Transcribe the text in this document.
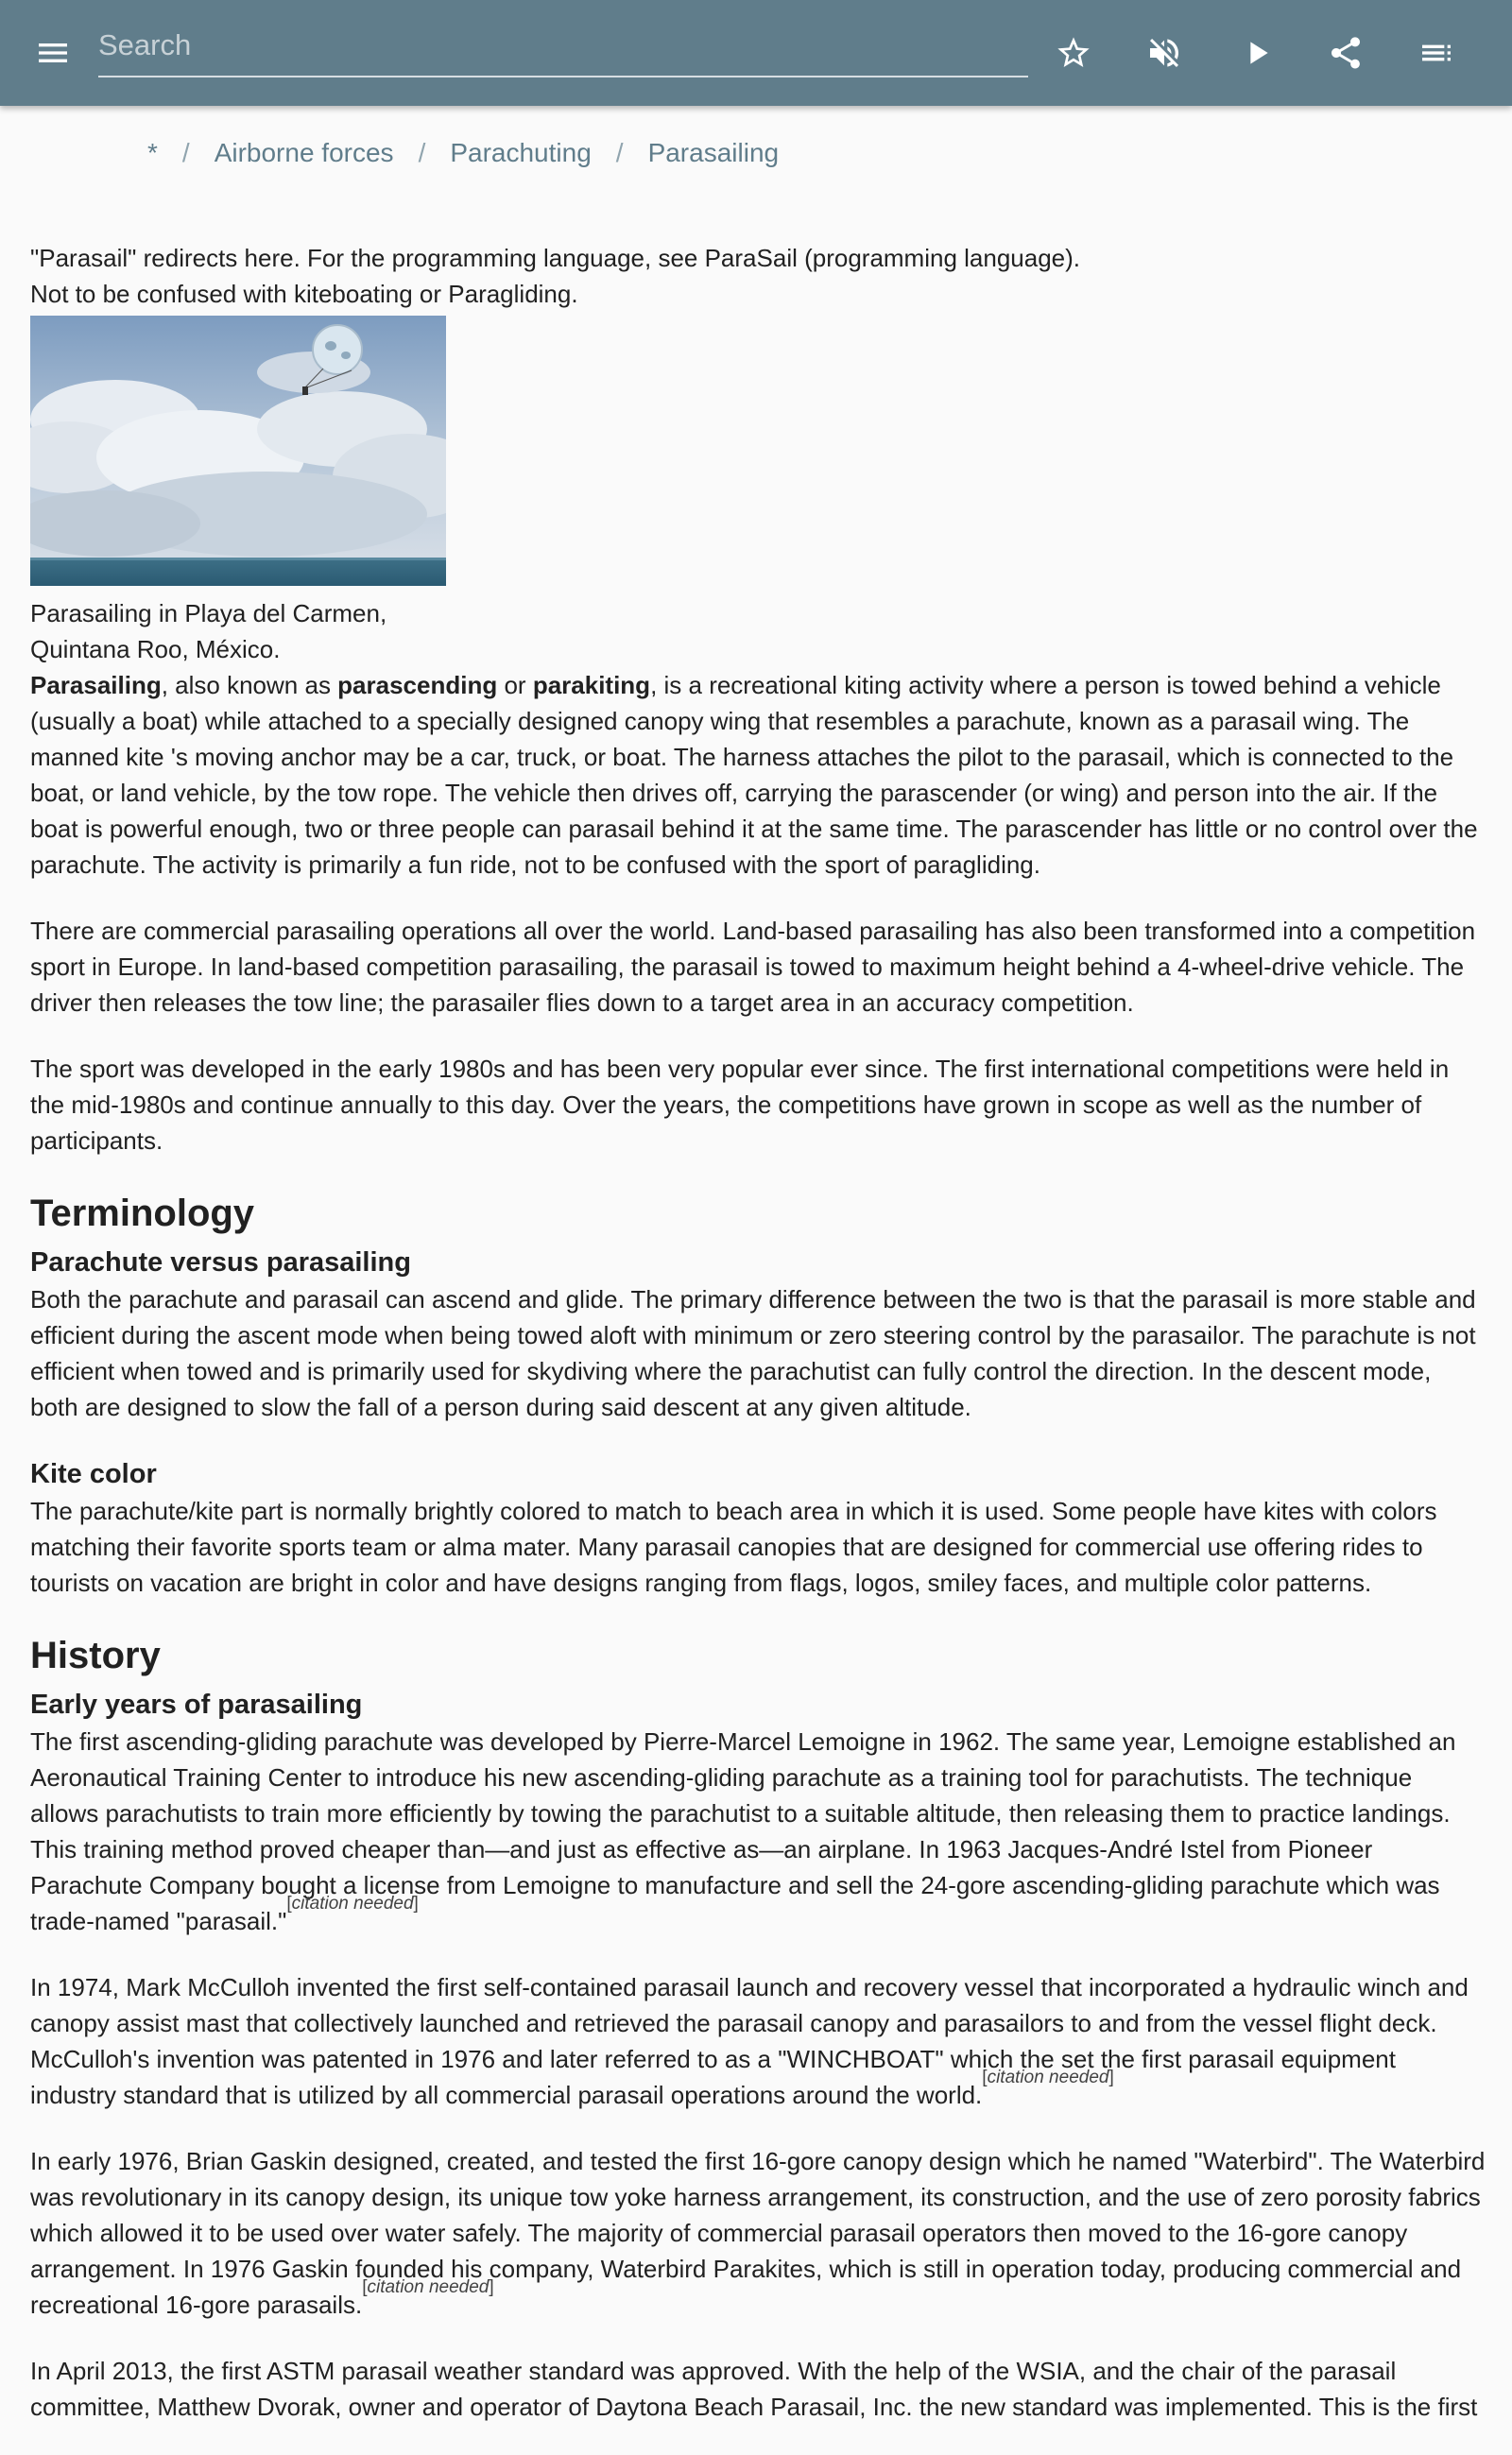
Search
* / Airborne forces / Parachuting / Parasailing

"Parasail" redirects here. For the programming language, see ParaSail (programming language).

Not to be confused with kiteboating or Paragliding.

Parasailing in Playa del Carmen,

Quintana Roo, México.

Parasailing, also known as parascending or parakiting, is a recreational kiting activity where a person is towed behind a vehicle (usually a boat) while attached to a specially designed canopy wing that resembles a parachute, known as a parasail wing. The manned kite 's moving anchor may be a car, truck, or boat. The harness attaches the pilot to the parasail, which is connected to the boat, or land vehicle, by the tow rope. The vehicle then drives off, carrying the parascender (or wing) and person into the air. If the boat is powerful enough, two or three people can parasail behind it at the same time. The parascender has little or no control over the parachute. The activity is primarily a fun ride, not to be confused with the sport of paragliding.

There are commercial parasailing operations all over the world. Land-based parasailing has also been transformed into a competition sport in Europe. In land-based competition parasailing, the parasail is towed to maximum height behind a 4-wheel-drive vehicle. The driver then releases the tow line; the parasailer flies down to a target area in an accuracy competition.

The sport was developed in the early 1980s and has been very popular ever since. The first international competitions were held in the mid-1980s and continue annually to this day. Over the years, the competitions have grown in scope as well as the number of participants.

Terminology
Parachute versus parasailing

Both the parachute and parasail can ascend and glide. The primary difference between the two is that the parasail is more stable and efficient during the ascent mode when being towed aloft with minimum or zero steering control by the parasailor. The parachute is not efficient when towed and is primarily used for skydiving where the parachutist can fully control the direction. In the descent mode, both are designed to slow the fall of a person during said descent at any given altitude.

Kite color

The parachute/kite part is normally brightly colored to match to beach area in which it is used. Some people have kites with colors matching their favorite sports team or alma mater. Many parasail canopies that are designed for commercial use offering rides to tourists on vacation are bright in color and have designs ranging from flags, logos, smiley faces, and multiple color patterns.

History
Early years of parasailing

The first ascending-gliding parachute was developed by Pierre-Marcel Lemoigne in 1962. The same year, Lemoigne established an Aeronautical Training Center to introduce his new ascending-gliding parachute as a training tool for parachutists. The technique allows parachutists to train more efficiently by towing the parachutist to a suitable altitude, then releasing them to practice landings. This training method proved cheaper than—and just as effective as—an airplane. In 1963 Jacques-André Istel from Pioneer Parachute Company bought a license from Lemoigne to manufacture and sell the 24-gore ascending-gliding parachute which was trade-named "parasail."[citation needed]

In 1974, Mark McCulloh invented the first self-contained parasail launch and recovery vessel that incorporated a hydraulic winch and canopy assist mast that collectively launched and retrieved the parasail canopy and parasailors to and from the vessel flight deck. McCulloh's invention was patented in 1976 and later referred to as a "WINCHBOAT" which the set the first parasail equipment industry standard that is utilized by all commercial parasail operations around the world.[citation needed]

In early 1976, Brian Gaskin designed, created, and tested the first 16-gore canopy design which he named "Waterbird". The Waterbird was revolutionary in its canopy design, its unique tow yoke harness arrangement, its construction, and the use of zero porosity fabrics which allowed it to be used over water safely. The majority of commercial parasail operators then moved to the 16-gore canopy arrangement. In 1976 Gaskin founded his company, Waterbird Parakites, which is still in operation today, producing commercial and recreational 16-gore parasails.[citation needed]

In April 2013, the first ASTM parasail weather standard was approved. With the help of the WSIA, and the chair of the parasail committee, Matthew Dvorak, owner and operator of Daytona Beach Parasail, Inc. the new standard was implemented. This is the first
